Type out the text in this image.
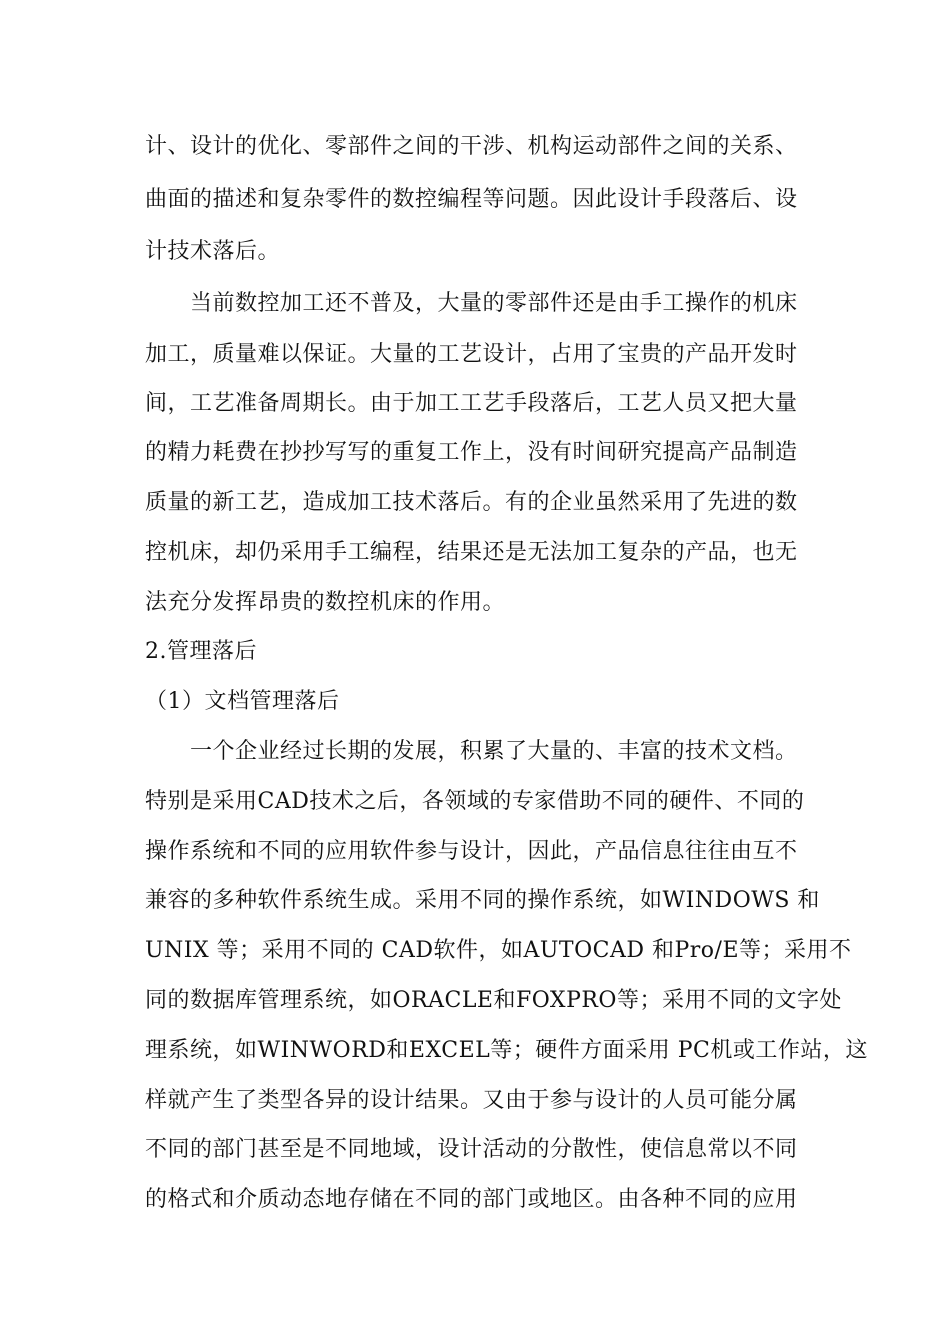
计、设计的优化、零部件之间的干涉、机构运动部件之间的关系、
曲面的描述和复杂零件的数控编程等问题。因此设计手段落后、设
计技术落后。
当前数控加工还不普及，大量的零部件还是由手工操作的机床
加工，质量难以保证。大量的工艺设计，占用了宝贵的产品开发时
间，工艺准备周期长。由于加工工艺手段落后，工艺人员又把大量
的精力耗费在抄抄写写的重复工作上，没有时间研究提高产品制造
质量的新工艺，造成加工技术落后。有的企业虽然采用了先进的数
控机床，却仍采用手工编程，结果还是无法加工复杂的产品，也无
法充分发挥昂贵的数控机床的作用。
2.管理落后
（1）文档管理落后
一个企业经过长期的发展，积累了大量的、丰富的技术文档。
特别是采用CAD技术之后，各领域的专家借助不同的硬件、不同的
操作系统和不同的应用软件参与设计，因此，产品信息往往由互不
兼容的多种软件系统生成。采用不同的操作系统，如WINDOWS 和
UNIX 等；采用不同的 CAD软件，如AUTOCAD 和Pro/E等；采用不
同的数据库管理系统，如ORACLE和FOXPRO等；采用不同的文字处
理系统，如WINWORD和EXCEL等；硬件方面采用 PC机或工作站，这
样就产生了类型各异的设计结果。又由于参与设计的人员可能分属
不同的部门甚至是不同地域，设计活动的分散性，使信息常以不同
的格式和介质动态地存储在不同的部门或地区。由各种不同的应用
